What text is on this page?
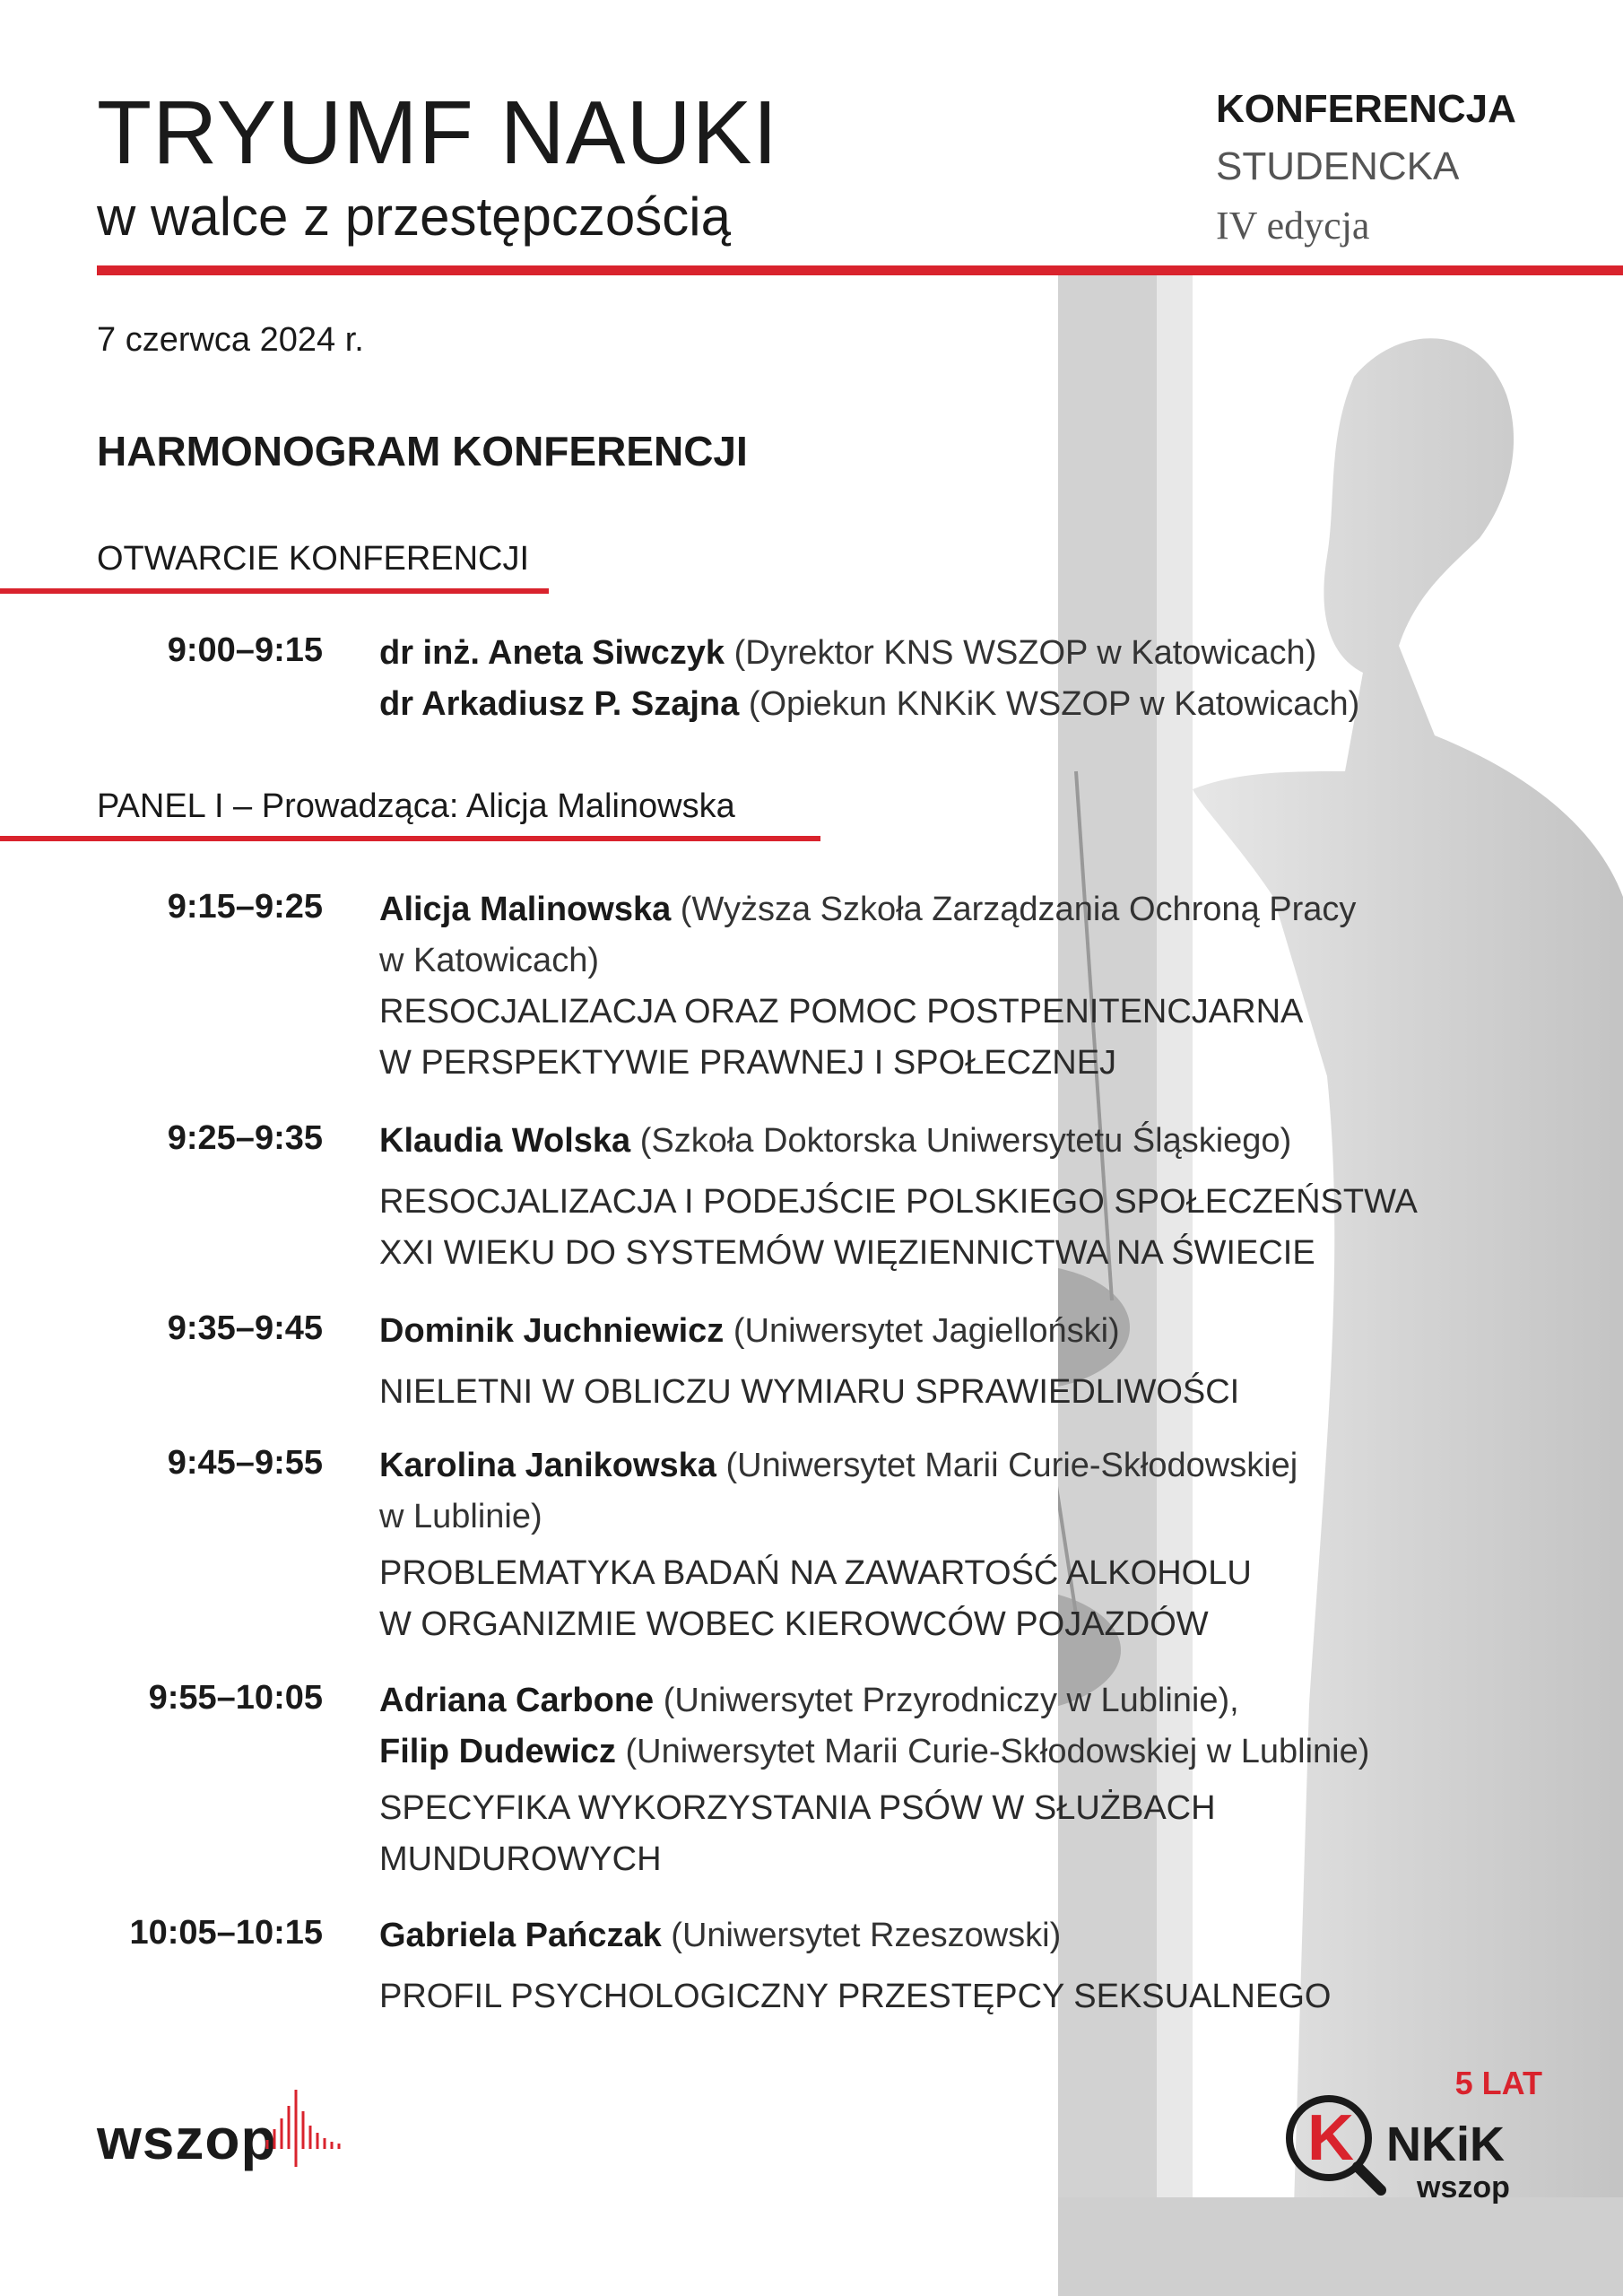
TRYUMF NAUKI
w walce z przestępczością
KONFERENCJA
STUDENCKA
IV edycja
7 czerwca 2024 r.
HARMONOGRAM KONFERENCJI
OTWARCIE KONFERENCJI
9:00–9:15 dr inż. Aneta Siwczyk (Dyrektor KNS WSZOP w Katowicach)
dr Arkadiusz P. Szajna (Opiekun KNKiK WSZOP w Katowicach)
PANEL I – Prowadząca: Alicja Malinowska
9:15–9:25 Alicja Malinowska (Wyższa Szkoła Zarządzania Ochroną Pracy
w Katowicach)
RESOCJALIZACJA ORAZ POMOC POSTPENITENCJARNA
W PERSPEKTYWIE PRAWNEJ I SPOŁECZNEJ
9:25–9:35 Klaudia Wolska (Szkoła Doktorska Uniwersytetu Śląskiego)
RESOCJALIZACJA I PODEJŚCIE POLSKIEGO SPOŁECZEŃSTWA
XXI WIEKU DO SYSTEMÓW WIĘZIENNICTWA NA ŚWIECIE
9:35–9:45 Dominik Juchniewicz (Uniwersytet Jagielloński)
NIELETNI W OBLICZU WYMIARU SPRAWIEDLIWOŚCI
9:45–9:55 Karolina Janikowska (Uniwersytet Marii Curie-Skłodowskiej
w Lublinie)
PROBLEMATYKA BADAŃ NA ZAWARTOŚĆ ALKOHOLU
W ORGANIZMIE WOBEC KIEROWCÓW POJAZDÓW
9:55–10:05 Adriana Carbone (Uniwersytet Przyrodniczy w Lublinie),
Filip Dudewicz (Uniwersytet Marii Curie-Skłodowskiej w Lublinie)
SPECYFIKA WYKORZYSTANIA PSÓW W SŁUŻBACH
MUNDUROWYCH
10:05–10:15 Gabriela Pańczak (Uniwersytet Rzeszowski)
PROFIL PSYCHOLOGICZNY PRZESTĘPCY SEKSUALNEGO
wszop
5 LAT
K NKiK
wszop
